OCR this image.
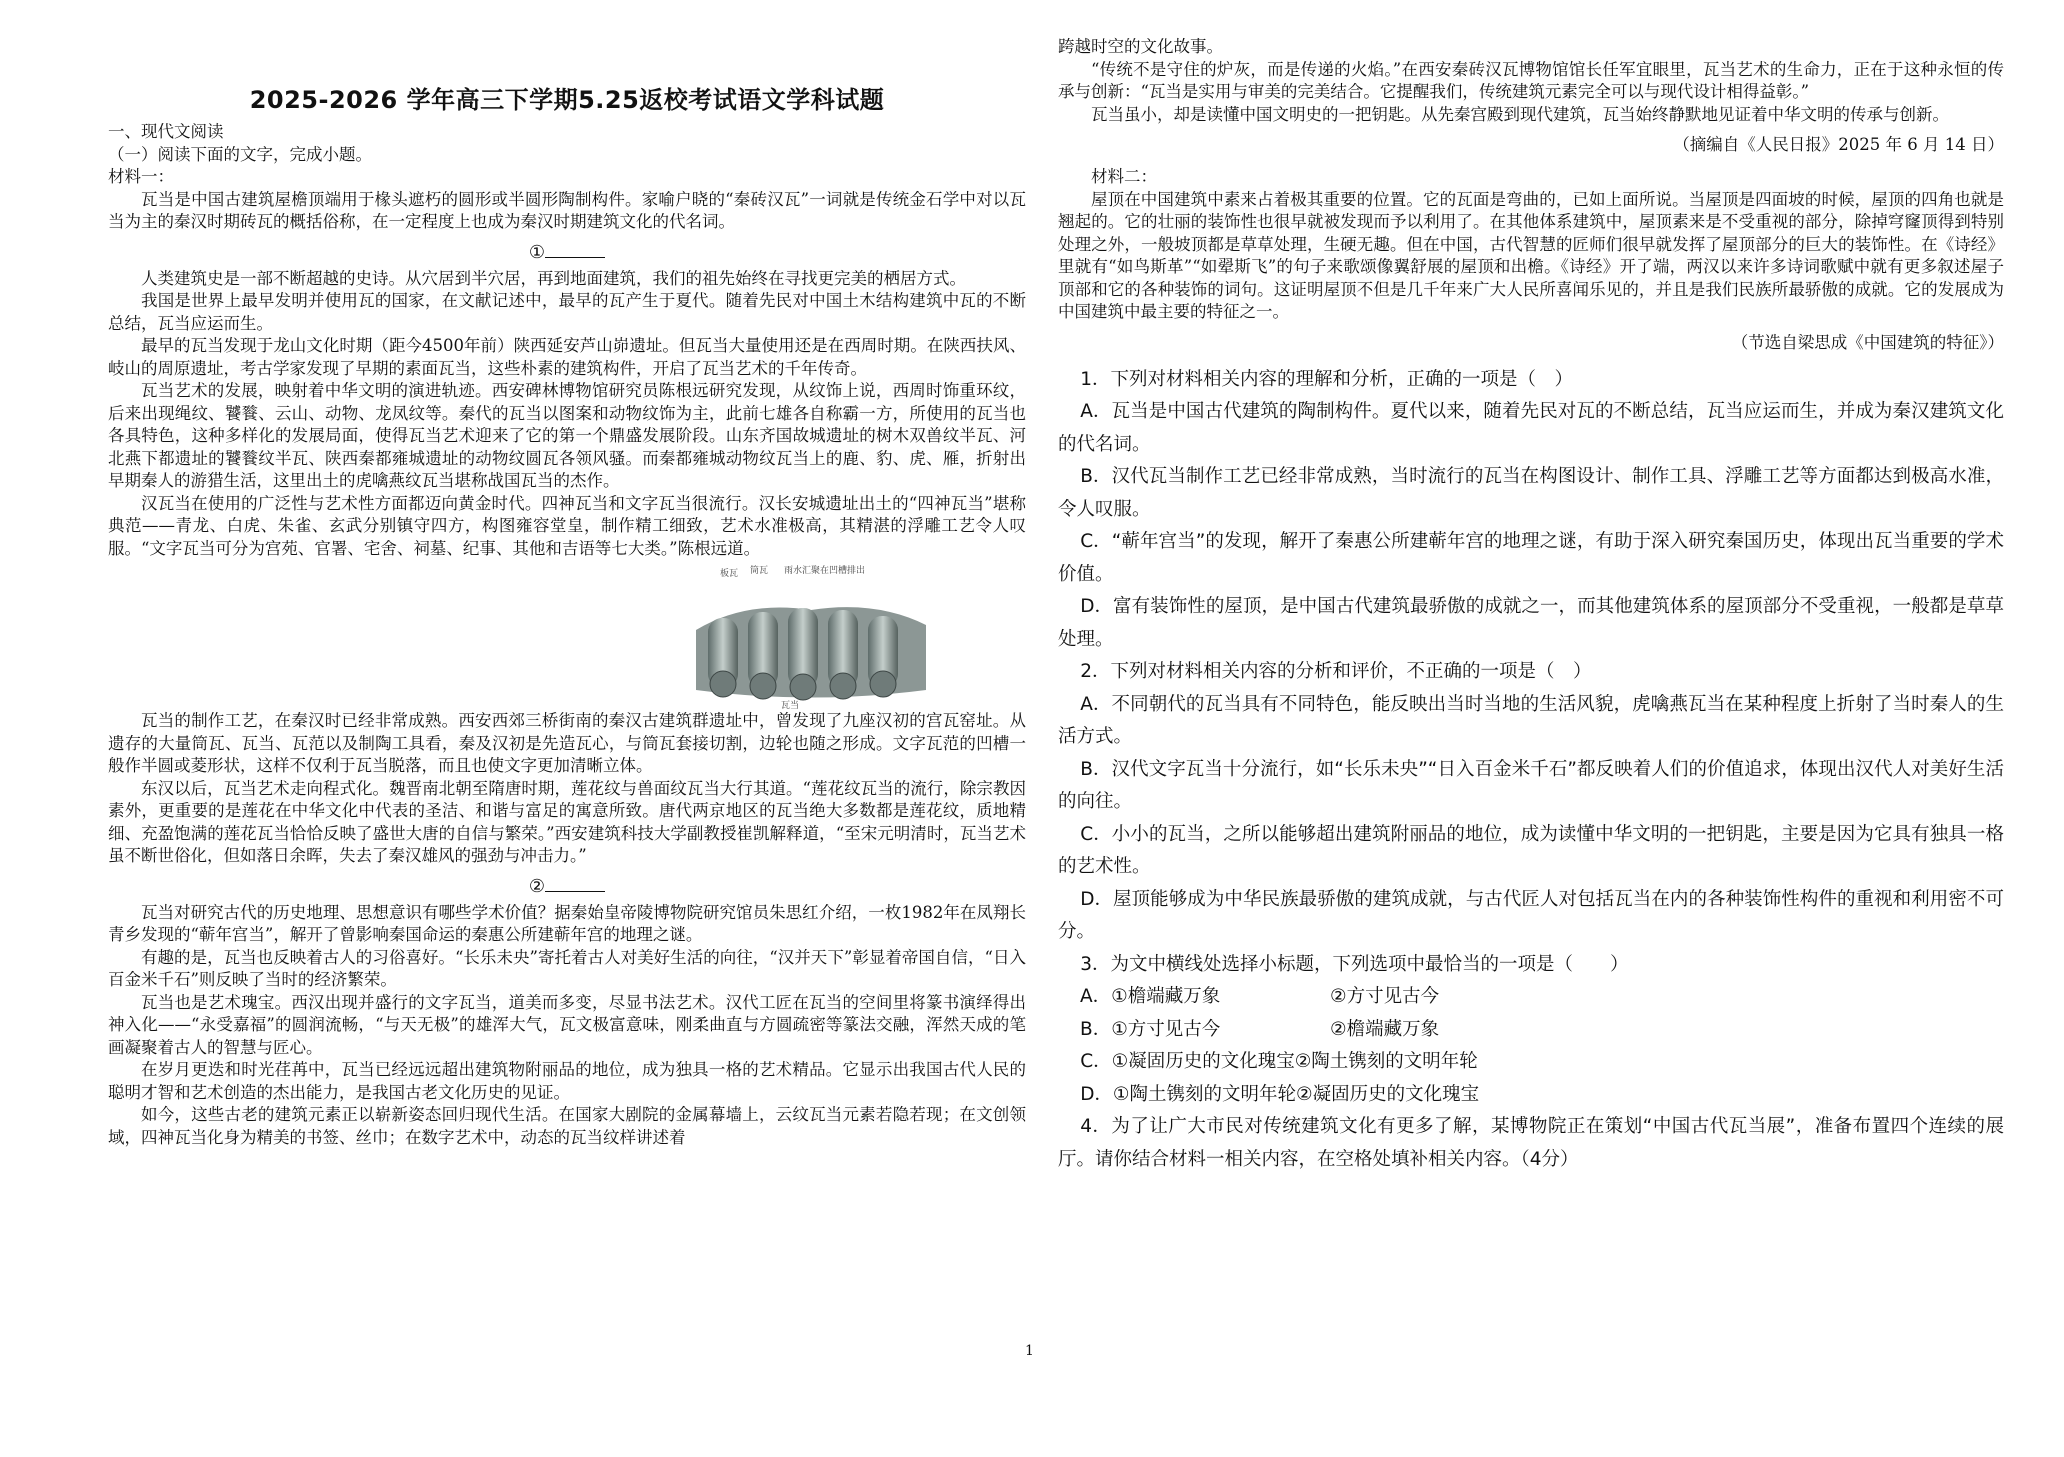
2025-2026 学年高三下学期5.25返校考试语文学科试题

一、现代文阅读

（一）阅读下面的文字，完成小题。

材料一：

瓦当是中国古建筑屋檐顶端用于椽头遮朽的圆形或半圆形陶制构件。家喻户晓的“秦砖汉瓦”一词就是传统金石学中对以瓦当为主的秦汉时期砖瓦的概括俗称，在一定程度上也成为秦汉时期建筑文化的代名词。

①

人类建筑史是一部不断超越的史诗。从穴居到半穴居，再到地面建筑，我们的祖先始终在寻找更完美的栖居方式。

我国是世界上最早发明并使用瓦的国家，在文献记述中，最早的瓦产生于夏代。随着先民对中国土木结构建筑中瓦的不断总结，瓦当应运而生。

最早的瓦当发现于龙山文化时期（距今4500年前）陕西延安芦山峁遗址。但瓦当大量使用还是在西周时期。在陕西扶风、岐山的周原遗址，考古学家发现了早期的素面瓦当，这些朴素的建筑构件，开启了瓦当艺术的千年传奇。

瓦当艺术的发展，映射着中华文明的演进轨迹。西安碑林博物馆研究员陈根远研究发现，从纹饰上说，西周时饰重环纹，后来出现绳纹、饕餮、云山、动物、龙凤纹等。秦代的瓦当以图案和动物纹饰为主，此前七雄各自称霸一方，所使用的瓦当也各具特色，这种多样化的发展局面，使得瓦当艺术迎来了它的第一个鼎盛发展阶段。山东齐国故城遗址的树木双兽纹半瓦、河北燕下都遗址的饕餮纹半瓦、陕西秦都雍城遗址的动物纹圆瓦各领风骚。而秦都雍城动物纹瓦当上的鹿、豹、虎、雁，折射出早期秦人的游猎生活，这里出土的虎噙燕纹瓦当堪称战国瓦当的杰作。

汉瓦当在使用的广泛性与艺术性方面都迈向黄金时代。四神瓦当和文字瓦当很流行。汉长安城遗址出土的“四神瓦当”堪称典范——青龙、白虎、朱雀、玄武分别镇守四方，构图雍容堂皇，制作精工细致，艺术水准极高，其精湛的浮雕工艺令人叹服。“文字瓦当可分为宫苑、官署、宅舍、祠墓、纪事、其他和吉语等七大类。”陈根远道。

板瓦 筒瓦 雨水汇聚在凹槽排出
瓦当

瓦当的制作工艺，在秦汉时已经非常成熟。西安西郊三桥街南的秦汉古建筑群遗址中，曾发现了九座汉初的宫瓦窑址。从遗存的大量筒瓦、瓦当、瓦范以及制陶工具看，秦及汉初是先造瓦心，与筒瓦套接切割，边轮也随之形成。文字瓦范的凹槽一般作半圆或菱形状，这样不仅利于瓦当脱落，而且也使文字更加清晰立体。

东汉以后，瓦当艺术走向程式化。魏晋南北朝至隋唐时期，莲花纹与兽面纹瓦当大行其道。“莲花纹瓦当的流行，除宗教因素外，更重要的是莲花在中华文化中代表的圣洁、和谐与富足的寓意所致。唐代两京地区的瓦当绝大多数都是莲花纹，质地精细、充盈饱满的莲花瓦当恰恰反映了盛世大唐的自信与繁荣。”西安建筑科技大学副教授崔凯解释道，“至宋元明清时，瓦当艺术虽不断世俗化，但如落日余晖，失去了秦汉雄风的强劲与冲击力。”

②

瓦当对研究古代的历史地理、思想意识有哪些学术价值？据秦始皇帝陵博物院研究馆员朱思红介绍，一枚1982年在凤翔长青乡发现的“蕲年宫当”，解开了曾影响秦国命运的秦惠公所建蕲年宫的地理之谜。

有趣的是，瓦当也反映着古人的习俗喜好。“长乐未央”寄托着古人对美好生活的向往，“汉并天下”彰显着帝国自信，“日入百金米千石”则反映了当时的经济繁荣。

瓦当也是艺术瑰宝。西汉出现并盛行的文字瓦当，道美而多变，尽显书法艺术。汉代工匠在瓦当的空间里将篆书演绎得出神入化——“永受嘉福”的圆润流畅，“与天无极”的雄浑大气，瓦文极富意味，刚柔曲直与方圆疏密等篆法交融，浑然天成的笔画凝聚着古人的智慧与匠心。

在岁月更迭和时光荏苒中，瓦当已经远远超出建筑物附丽品的地位，成为独具一格的艺术精品。它显示出我国古代人民的聪明才智和艺术创造的杰出能力，是我国古老文化历史的见证。

如今，这些古老的建筑元素正以崭新姿态回归现代生活。在国家大剧院的金属幕墙上，云纹瓦当元素若隐若现；在文创领域，四神瓦当化身为精美的书签、丝巾；在数字艺术中，动态的瓦当纹样讲述着

跨越时空的文化故事。

“传统不是守住的炉灰，而是传递的火焰。”在西安秦砖汉瓦博物馆馆长任军宜眼里，瓦当艺术的生命力，正在于这种永恒的传承与创新：“瓦当是实用与审美的完美结合。它提醒我们，传统建筑元素完全可以与现代设计相得益彰。”

瓦当虽小，却是读懂中国文明史的一把钥匙。从先秦宫殿到现代建筑，瓦当始终静默地见证着中华文明的传承与创新。

（摘编自《人民日报》2025 年 6 月 14 日）

材料二：

屋顶在中国建筑中素来占着极其重要的位置。它的瓦面是弯曲的，已如上面所说。当屋顶是四面坡的时候，屋顶的四角也就是翘起的。它的壮丽的装饰性也很早就被发现而予以利用了。在其他体系建筑中，屋顶素来是不受重视的部分，除掉穹窿顶得到特别处理之外，一般坡顶都是草草处理，生硬无趣。但在中国，古代智慧的匠师们很早就发挥了屋顶部分的巨大的装饰性。在《诗经》里就有“如鸟斯革”“如翚斯飞”的句子来歌颂像翼舒展的屋顶和出檐。《诗经》开了端，两汉以来许多诗词歌赋中就有更多叙述屋子顶部和它的各种装饰的词句。这证明屋顶不但是几千年来广大人民所喜闻乐见的，并且是我们民族所最骄傲的成就。它的发展成为中国建筑中最主要的特征之一。

（节选自梁思成《中国建筑的特征》）

1．下列对材料相关内容的理解和分析，正确的一项是（　）

A．瓦当是中国古代建筑的陶制构件。夏代以来，随着先民对瓦的不断总结，瓦当应运而生，并成为秦汉建筑文化的代名词。

B．汉代瓦当制作工艺已经非常成熟，当时流行的瓦当在构图设计、制作工具、浮雕工艺等方面都达到极高水准，令人叹服。

C．“蕲年宫当”的发现，解开了秦惠公所建蕲年宫的地理之谜，有助于深入研究秦国历史，体现出瓦当重要的学术价值。

D．富有装饰性的屋顶，是中国古代建筑最骄傲的成就之一，而其他建筑体系的屋顶部分不受重视，一般都是草草处理。

2．下列对材料相关内容的分析和评价，不正确的一项是（　）

A．不同朝代的瓦当具有不同特色，能反映出当时当地的生活风貌，虎噙燕瓦当在某种程度上折射了当时秦人的生活方式。

B．汉代文字瓦当十分流行，如“长乐未央”“日入百金米千石”都反映着人们的价值追求，体现出汉代人对美好生活的向往。

C．小小的瓦当，之所以能够超出建筑附丽品的地位，成为读懂中华文明的一把钥匙，主要是因为它具有独具一格的艺术性。

D．屋顶能够成为中华民族最骄傲的建筑成就，与古代匠人对包括瓦当在内的各种装饰性构件的重视和利用密不可分。

3．为文中横线处选择小标题，下列选项中最恰当的一项是（　　）

A．①檐端藏万象	②方寸见古今
B．①方寸见古今	②檐端藏万象

C．①凝固历史的文化瑰宝②陶土镌刻的文明年轮

D．①陶土镌刻的文明年轮②凝固历史的文化瑰宝

4．为了让广大市民对传统建筑文化有更多了解，某博物院正在策划“中国古代瓦当展”，准备布置四个连续的展厅。请你结合材料一相关内容，在空格处填补相关内容。（4分）

1
